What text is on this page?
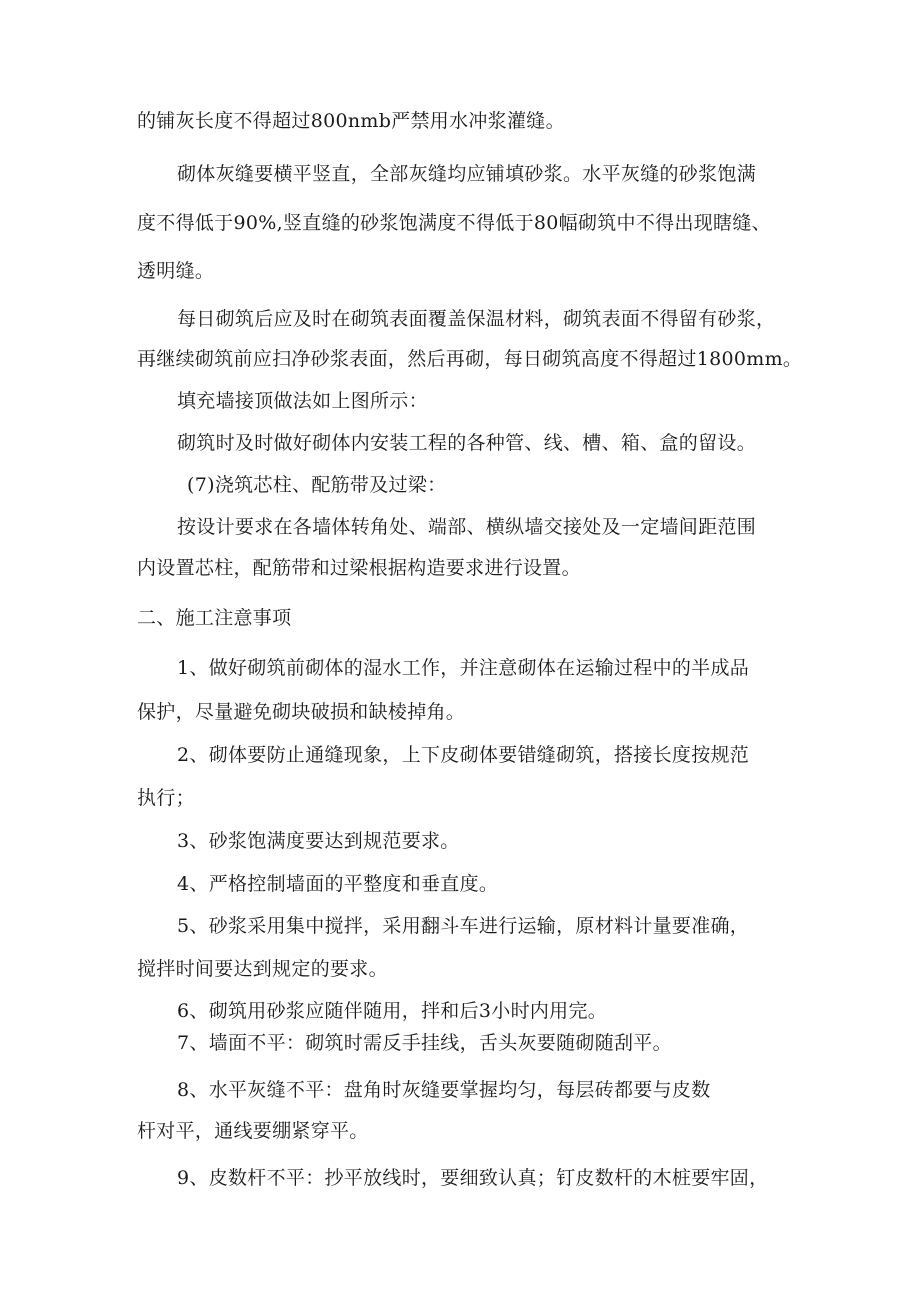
的铺灰长度不得超过800nmb严禁用水冲浆灌缝。
砌体灰缝要横平竖直，全部灰缝均应铺填砂浆。水平灰缝的砂浆饱满
度不得低于90%,竖直缝的砂浆饱满度不得低于80幅砌筑中不得出现瞎缝、
透明缝。
每日砌筑后应及时在砌筑表面覆盖保温材料，砌筑表面不得留有砂浆，
再继续砌筑前应扫净砂浆表面，然后再砌，每日砌筑高度不得超过1800mm。
填充墙接顶做法如上图所示：
砌筑时及时做好砌体内安装工程的各种管、线、槽、箱、盒的留设。
(7)浇筑芯柱、配筋带及过梁：
按设计要求在各墙体转角处、端部、横纵墙交接处及一定墙间距范围
内设置芯柱，配筋带和过梁根据构造要求进行设置。
二、施工注意事项
1、做好砌筑前砌体的湿水工作，并注意砌体在运输过程中的半成品
保护，尽量避免砌块破损和缺棱掉角。
2、砌体要防止通缝现象，上下皮砌体要错缝砌筑，搭接长度按规范
执行；
3、砂浆饱满度要达到规范要求。
4、严格控制墙面的平整度和垂直度。
5、砂浆采用集中搅拌，采用翻斗车进行运输，原材料计量要准确，
搅拌时间要达到规定的要求。
6、砌筑用砂浆应随伴随用，拌和后3小时内用完。
7、墙面不平：砌筑时需反手挂线，舌头灰要随砌随刮平。
8、水平灰缝不平：盘角时灰缝要掌握均匀，每层砖都要与皮数
杆对平，通线要绷紧穿平。
9、皮数杆不平：抄平放线时，要细致认真；钉皮数杆的木桩要牢固，
